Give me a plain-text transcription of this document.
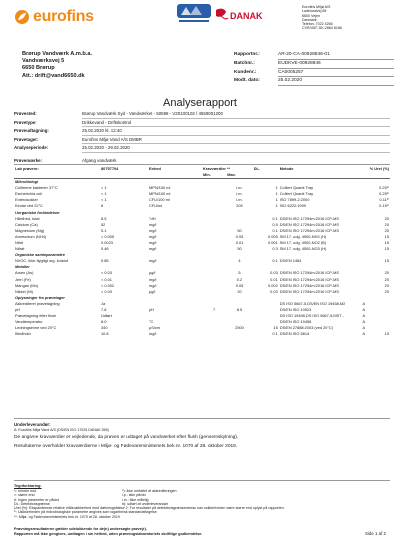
eurofins	DANAK
Eurofins Miljø A/S
Ladelundvej 85
6600 Vejen
Danmark
Telefon: 7022 4266
CVR/VAT: DK-2884 8186
Brørup Vandværk A.m.b.a.
Vandværksvej 5
6650 Brørup
Att.: drift@vand6650.dk
Rapportnr.:	AR-20-CA-00928846-01
Batchnr.:	EUDKVE-00928846
Kundenr.:	CA0005257
Modt. dato:	25.02.2020
Analyserapport
Prøvested:	Brørup Vandværk Syd - Vandværket - 50598 - V20100102 / 4559001200
Prøvetype:	Drikkevand - Driftskontrol
Prøveudtagning:	25.02.2020 kl. 12:40
Prøvetager:	Eurofins Miljø Vand A/S DMBR
Analyseperiode:	25.02.2020 - 29.02.2020
Prøvemærke:	Afgang vandværk
Lab prøvenr:	80757704	Enhed	Kravværdier **		DL.	Metode		% Urel (%)
			Min.	Max.				
Mikrobiologi								
Coliforme bakterier 37°C	< 1	MPN/100 ml		i.m.	1	Colilert Quanti Tray		0.25¹⁾
Escherichia coli	< 1	MPN/100 ml		i.m.	1	Colilert Quanti Tray		0.25¹⁾
Enterokokker	< 1	CFU/100 ml		i.m.	1	ISO 7899-2:2000		0.11¹⁾
Kimtal ved 22°C	6	CFU/ml		200	1	ISO 6222:1999		0.15¹⁾
Uorganiske forbindelser								
Hårdhed, total	8.5	°dH			0.1	DS/EN ISO 17294m:2016 ICP-MS		20
Calcium (Ca)	52	mg/l			0.5	DS/EN ISO 17294m:2016 ICP-MS		20
Magnesium (Mg)	5.1	mg/l		50	0.1	DS/EN ISO 17294m:2016 ICP-MS		20
Ammonium (NH4)	< 0.005	mg/l		0.05	0.005	SM 17. udg. 4500-NH3 (H)		15
Nitrit	0.0023	mg/l		0.01	0.001	SM 17. udg. 4500-NO2 (B)		15
Nitrat	0.46	mg/l		50	0.3	SM 17. udg. 4500-NO3 (H)		15
Organiske samleparametre								
NVOC, ikke-flygtigt org. kulstof	0.85	mg/l		4	0.1	DS/EN 1484		15
Metaller								
Arsen (As)	< 0.03	µg/l		5	0.03	DS/EN ISO 17294m:2016 ICP-MS		20
Jern (Fe)	< 0.01	mg/l		0.2	0.01	DS/EN ISO 17294m:2016 ICP-MS		20
Mangan (Mn)	< 0.002	mg/l		0.05	0.002	DS/EN ISO 17294m:2016 ICP-MS		20
Nikkel (Ni)	< 0.03	µg/l		20	0.03	DS/EN ISO 17294m:2016 ICP-MS		20
Oplysninger fra prøvetager								
Akkrediteret prøvetagning	Ja					DS ISO 5667-5,DS/EN ISO 19458,M2	A	
pH	7.8	pH	7	8.5		DS/EN ISO 10523	A	
Prøvetagning efter flush	Udført					DS ISO 19458,DS ISO 5667-5,MST -	A	
Vandtemperatur	8.0	°C				DS/EN ISO 19458	A	
Ledningsevne ved 20°C	340	µS/cm		2500	15	DS/EN 27888:2003 (ved 20°C)	A	
Iltindhold	10.8	mg/l			0.1	DS/EN ISO 5814	A	15
Underleverandør:
A: Eurofins Miljø Vand A/S (DS/EN ISO 17025 DANAK 555)
De angivne kravværdier er vejledende, da prøven er udtaget på vandværket efter flush (gennemskylning).
Resultaterne overholder kravværdierne i Miljø- og Fødevareministeriets bek.nr. 1070 af 28. oktober 2019.
Tegnforklaring:
<: mindre end	*): ikke omfattet af akkrediteringen
>: større end	i.p.: ikke påvist
#: Ingen parameter er påvist	i.m.: ikke målelig
DL: Detektionsgrænse	#): udført af underleverandør
Urel (%): Ekspanderede relative måleusikkerhed med dækningsfaktor 2. For resultater på detektionsgrænseniveau kan usikkerheden være større end oplyst på rapporten.
¹⁾: Usikkerheden på mikrobiologiske parametre angives som logaritmisk standardafvigelse
**: Miljø- og Fødevareministeriets bek.nr. 1070 af 28. oktober 2019
Prøvningsresultaterne gælder udelukkende for de(n) undersøgte prøve(r).
Rapporten må ikke gengives, undtagen i sin helhed, uden prøvningslaboratoriets skriftlige godkendelse.	Side 1 af 2
